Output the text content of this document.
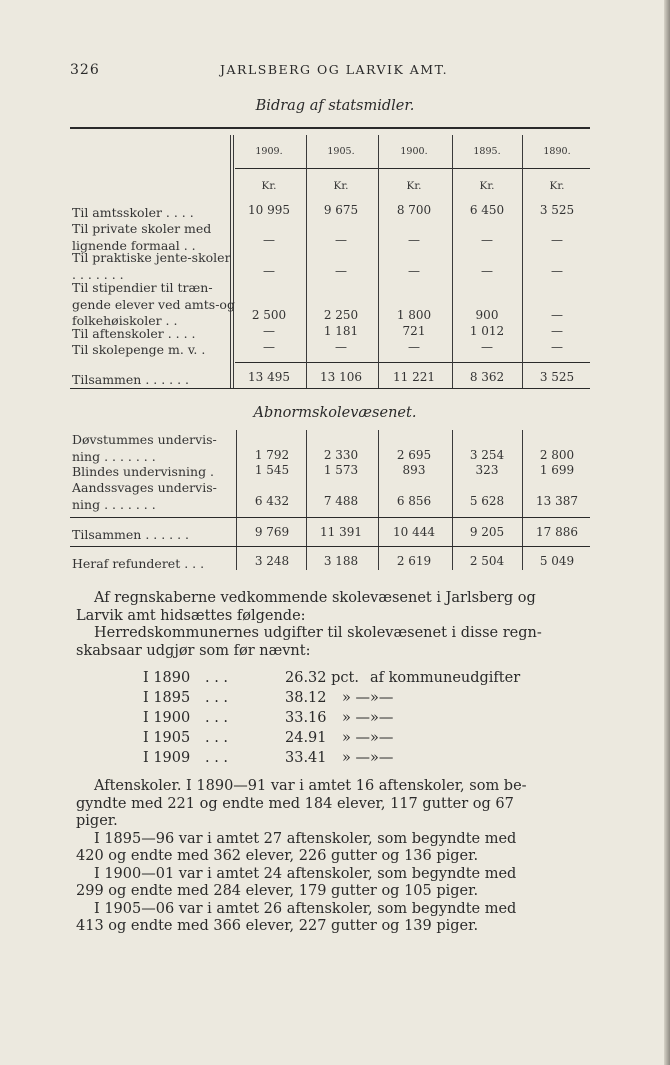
326	JARLSBERG OG LARVIK AMT.
Bidrag af statsmidler.
1909.	1905.	1900.	1895.	1890.
Kr.	Kr.	Kr.	Kr.	Kr.
Til amtsskoler . . . .	10 995	9 675	8 700	6 450	3 525
Til private skoler med lignende formaal . .	—	—	—	—	—
Til praktiske jente-skoler . . . . . . .	—	—	—	—	—
Til stipendier til træn-gende elever ved amts-og folkehøiskoler . .	2 500	2 250	1 800	900	—
Til aftenskoler . . . .	—	1 181	721	1 012	—
Til skolepenge m. v. .	—	—	—	—	—
Tilsammen . . . . . .	13 495	13 106	11 221	8 362	3 525
Abnormskolevæsenet.
Døvstummes undervis-ning . . . . . . .	1 792	2 330	2 695	3 254	2 800
Blindes undervisning .	1 545	1 573	893	323	1 699
Aandssvages undervis-ning . . . . . . .	6 432	7 488	6 856	5 628	13 387
Tilsammen . . . . . .	9 769	11 391	10 444	9 205	17 886
Heraf refunderet . . .	3 248	3 188	2 619	2 504	5 049

Af regnskaberne vedkommende skolevæsenet i Jarlsberg og

Larvik amt hidsættes følgende:

Herredskommunernes udgifter til skolevæsenet i disse regn-

skabsaar udgjør som før nævnt:

I 1890 . . .	26.32 pct. af kommuneudgifter
I 1895 . . .	38.12 » —»—
I 1900 . . .	33.16 » —»—
I 1905 . . .	24.91 » —»—
I 1909 . . .	33.41 » —»—

Aftenskoler. I 1890—91 var i amtet 16 aftenskoler, som be-

gyndte med 221 og endte med 184 elever, 117 gutter og 67

piger.

I 1895—96 var i amtet 27 aftenskoler, som begyndte med

420 og endte med 362 elever, 226 gutter og 136 piger.

I 1900—01 var i amtet 24 aftenskoler, som begyndte med

299 og endte med 284 elever, 179 gutter og 105 piger.

I 1905—06 var i amtet 26 aftenskoler, som begyndte med

413 og endte med 366 elever, 227 gutter og 139 piger.
